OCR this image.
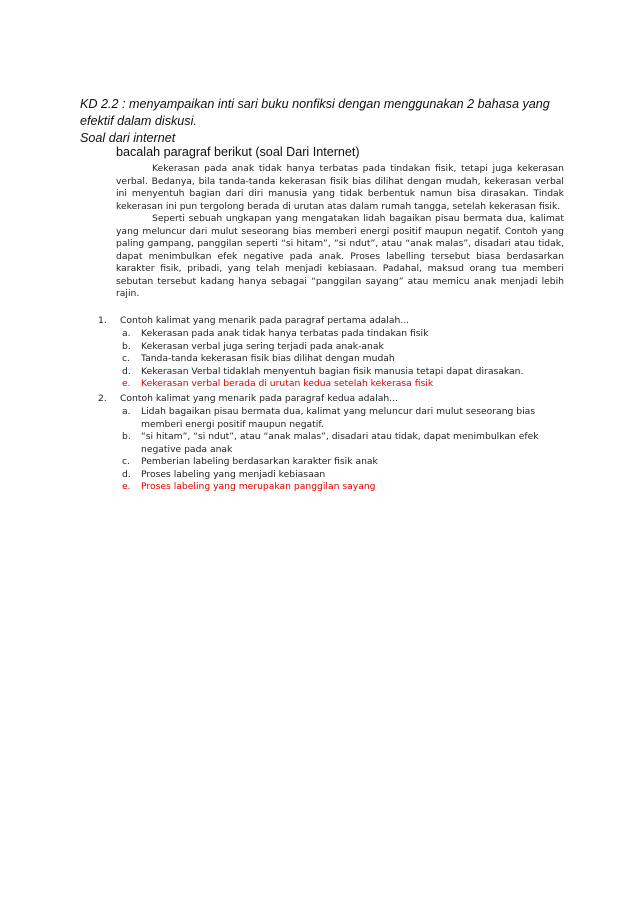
KD 2.2 : menyampaikan inti sari buku nonfiksi dengan menggunakan 2 bahasa yang
efektif dalam diskusi.
Soal dari internet
bacalah paragraf berikut (soal Dari Internet)

Kekerasan pada anak tidak hanya terbatas pada tindakan fisik, tetapi juga kekerasan verbal. Bedanya, bila tanda-tanda kekerasan fisik bias dilihat dengan mudah, kekerasan verbal ini menyentuh bagian dari diri manusia yang tidak berbentuk namun bisa dirasakan. Tindak kekerasan ini pun tergolong berada di urutan atas dalam rumah tangga, setelah kekerasan fisik.

Seperti sebuah ungkapan yang mengatakan lidah bagaikan pisau bermata dua, kalimat yang meluncur dari mulut seseorang bias memberi energi positif maupun negatif. Contoh yang paling gampang, panggilan seperti “si hitam”, “si ndut”, atau “anak malas”, disadari atau tidak, dapat menimbulkan efek negative pada anak. Proses labelling tersebut biasa berdasarkan karakter fisik, pribadi, yang telah menjadi kebiasaan. Padahal, maksud orang tua memberi sebutan tersebut kadang hanya sebagai “panggilan sayang” atau memicu anak menjadi lebih rajin.

1.	Contoh kalimat yang menarik pada paragraf pertama adalah...
a. Kekerasan pada anak tidak hanya terbatas pada tindakan fisik
b. Kekerasan verbal juga sering terjadi pada anak-anak
c. Tanda-tanda kekerasan fisik bias dilihat dengan mudah
d. Kekerasan Verbal tidaklah menyentuh bagian fisik manusia tetapi dapat dirasakan.
e. Kekerasan verbal berada di urutan kedua setelah kekerasa fisik
2.	Contoh kalimat yang menarik pada paragraf kedua adalah...
a. Lidah bagaikan pisau bermata dua, kalimat yang meluncur dari mulut seseorang bias memberi energi positif maupun negatif.
b. “si hitam”, “si ndut”, atau “anak malas”, disadari atau tidak, dapat menimbulkan efek negative pada anak
c. Pemberian labeling berdasarkan karakter fisik anak
d. Proses labeling yang menjadi kebiasaan
e. Proses labeling yang merupakan panggilan sayang
